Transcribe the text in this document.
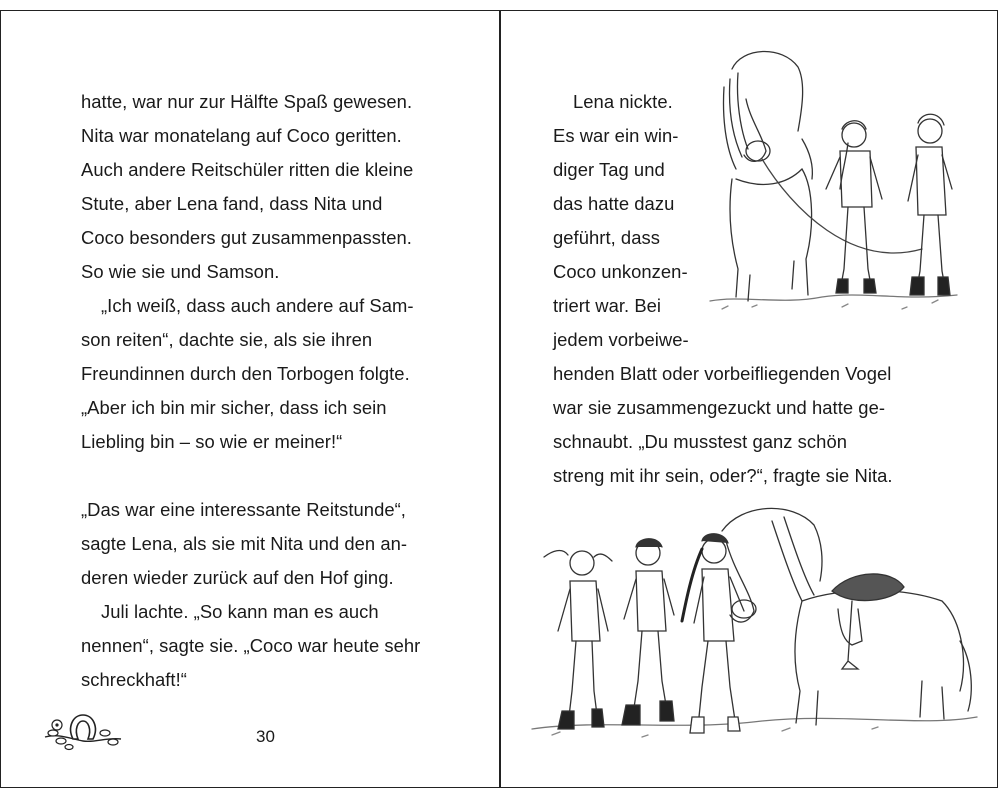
hatte, war nur zur Hälfte Spaß gewesen.
Nita war monatelang auf Coco geritten.
Auch andere Reitschüler ritten die kleine
Stute, aber Lena fand, dass Nita und
Coco besonders gut zusammenpassten.
So wie sie und Samson.
„Ich weiß, dass auch andere auf Sam-
son reiten“, dachte sie, als sie ihren
Freundinnen durch den Torbogen folgte.
„Aber ich bin mir sicher, dass ich sein
Liebling bin – so wie er meiner!“
„Das war eine interessante Reitstunde“,
sagte Lena, als sie mit Nita und den an-
deren wieder zurück auf den Hof ging.
Juli lachte. „So kann man es auch
nennen“, sagte sie. „Coco war heute sehr
schreckhaft!“
30
Lena nickte.
Es war ein win-
diger Tag und
das hatte dazu
geführt, dass
Coco unkonzen-
triert war. Bei
jedem vorbeiwe-
henden Blatt oder vorbeifliegenden Vogel
war sie zusammengezuckt und hatte ge-
schnaubt. „Du musstest ganz schön
streng mit ihr sein, oder?“, fragte sie Nita.
